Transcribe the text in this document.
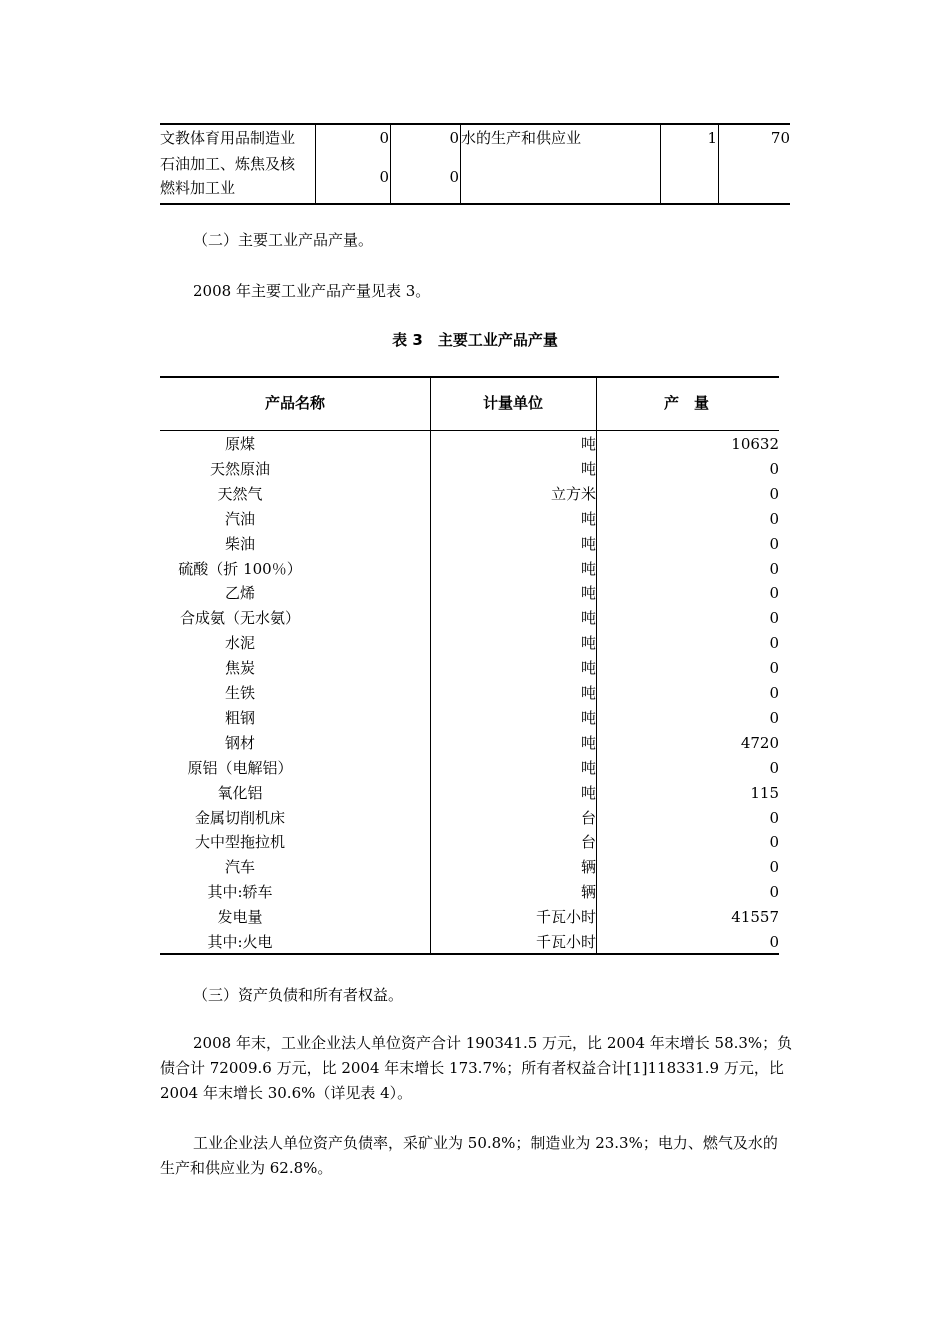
文教体育用品制造业	0	0 水的生产和供应业	1	70
石油加工、炼焦及核
燃料加工业
0	0
（二）主要工业产品产量。
2008 年主要工业产品产量见表 3。
表 3　主要工业产品产量
产品名称	计量单位	产　量
原煤	吨	10632
天然原油	吨	0
天然气	立方米	0
汽油	吨	0
柴油	吨	0
硫酸（折 100％）	吨	0
乙烯	吨	0
合成氨（无水氨）	吨	0
水泥	吨	0
焦炭	吨	0
生铁	吨	0
粗钢	吨	0
钢材	吨	4720
原铝（电解铝）	吨	0
氧化铝	吨	115
金属切削机床	台	0
大中型拖拉机	台	0
汽车	辆	0
其中:轿车	辆	0
发电量	千瓦小时	41557
其中:火电	千瓦小时	0
（三）资产负债和所有者权益。
2008 年末，工业企业法人单位资产合计 190341.5 万元，比 2004 年末增长 58.3%；负
债合计 72009.6 万元，比 2004 年末增长 173.7%；所有者权益合计[1]118331.9 万元，比
2004 年末增长 30.6%（详见表 4）。
工业企业法人单位资产负债率，采矿业为 50.8%；制造业为 23.3%；电力、燃气及水的
生产和供应业为 62.8%。
